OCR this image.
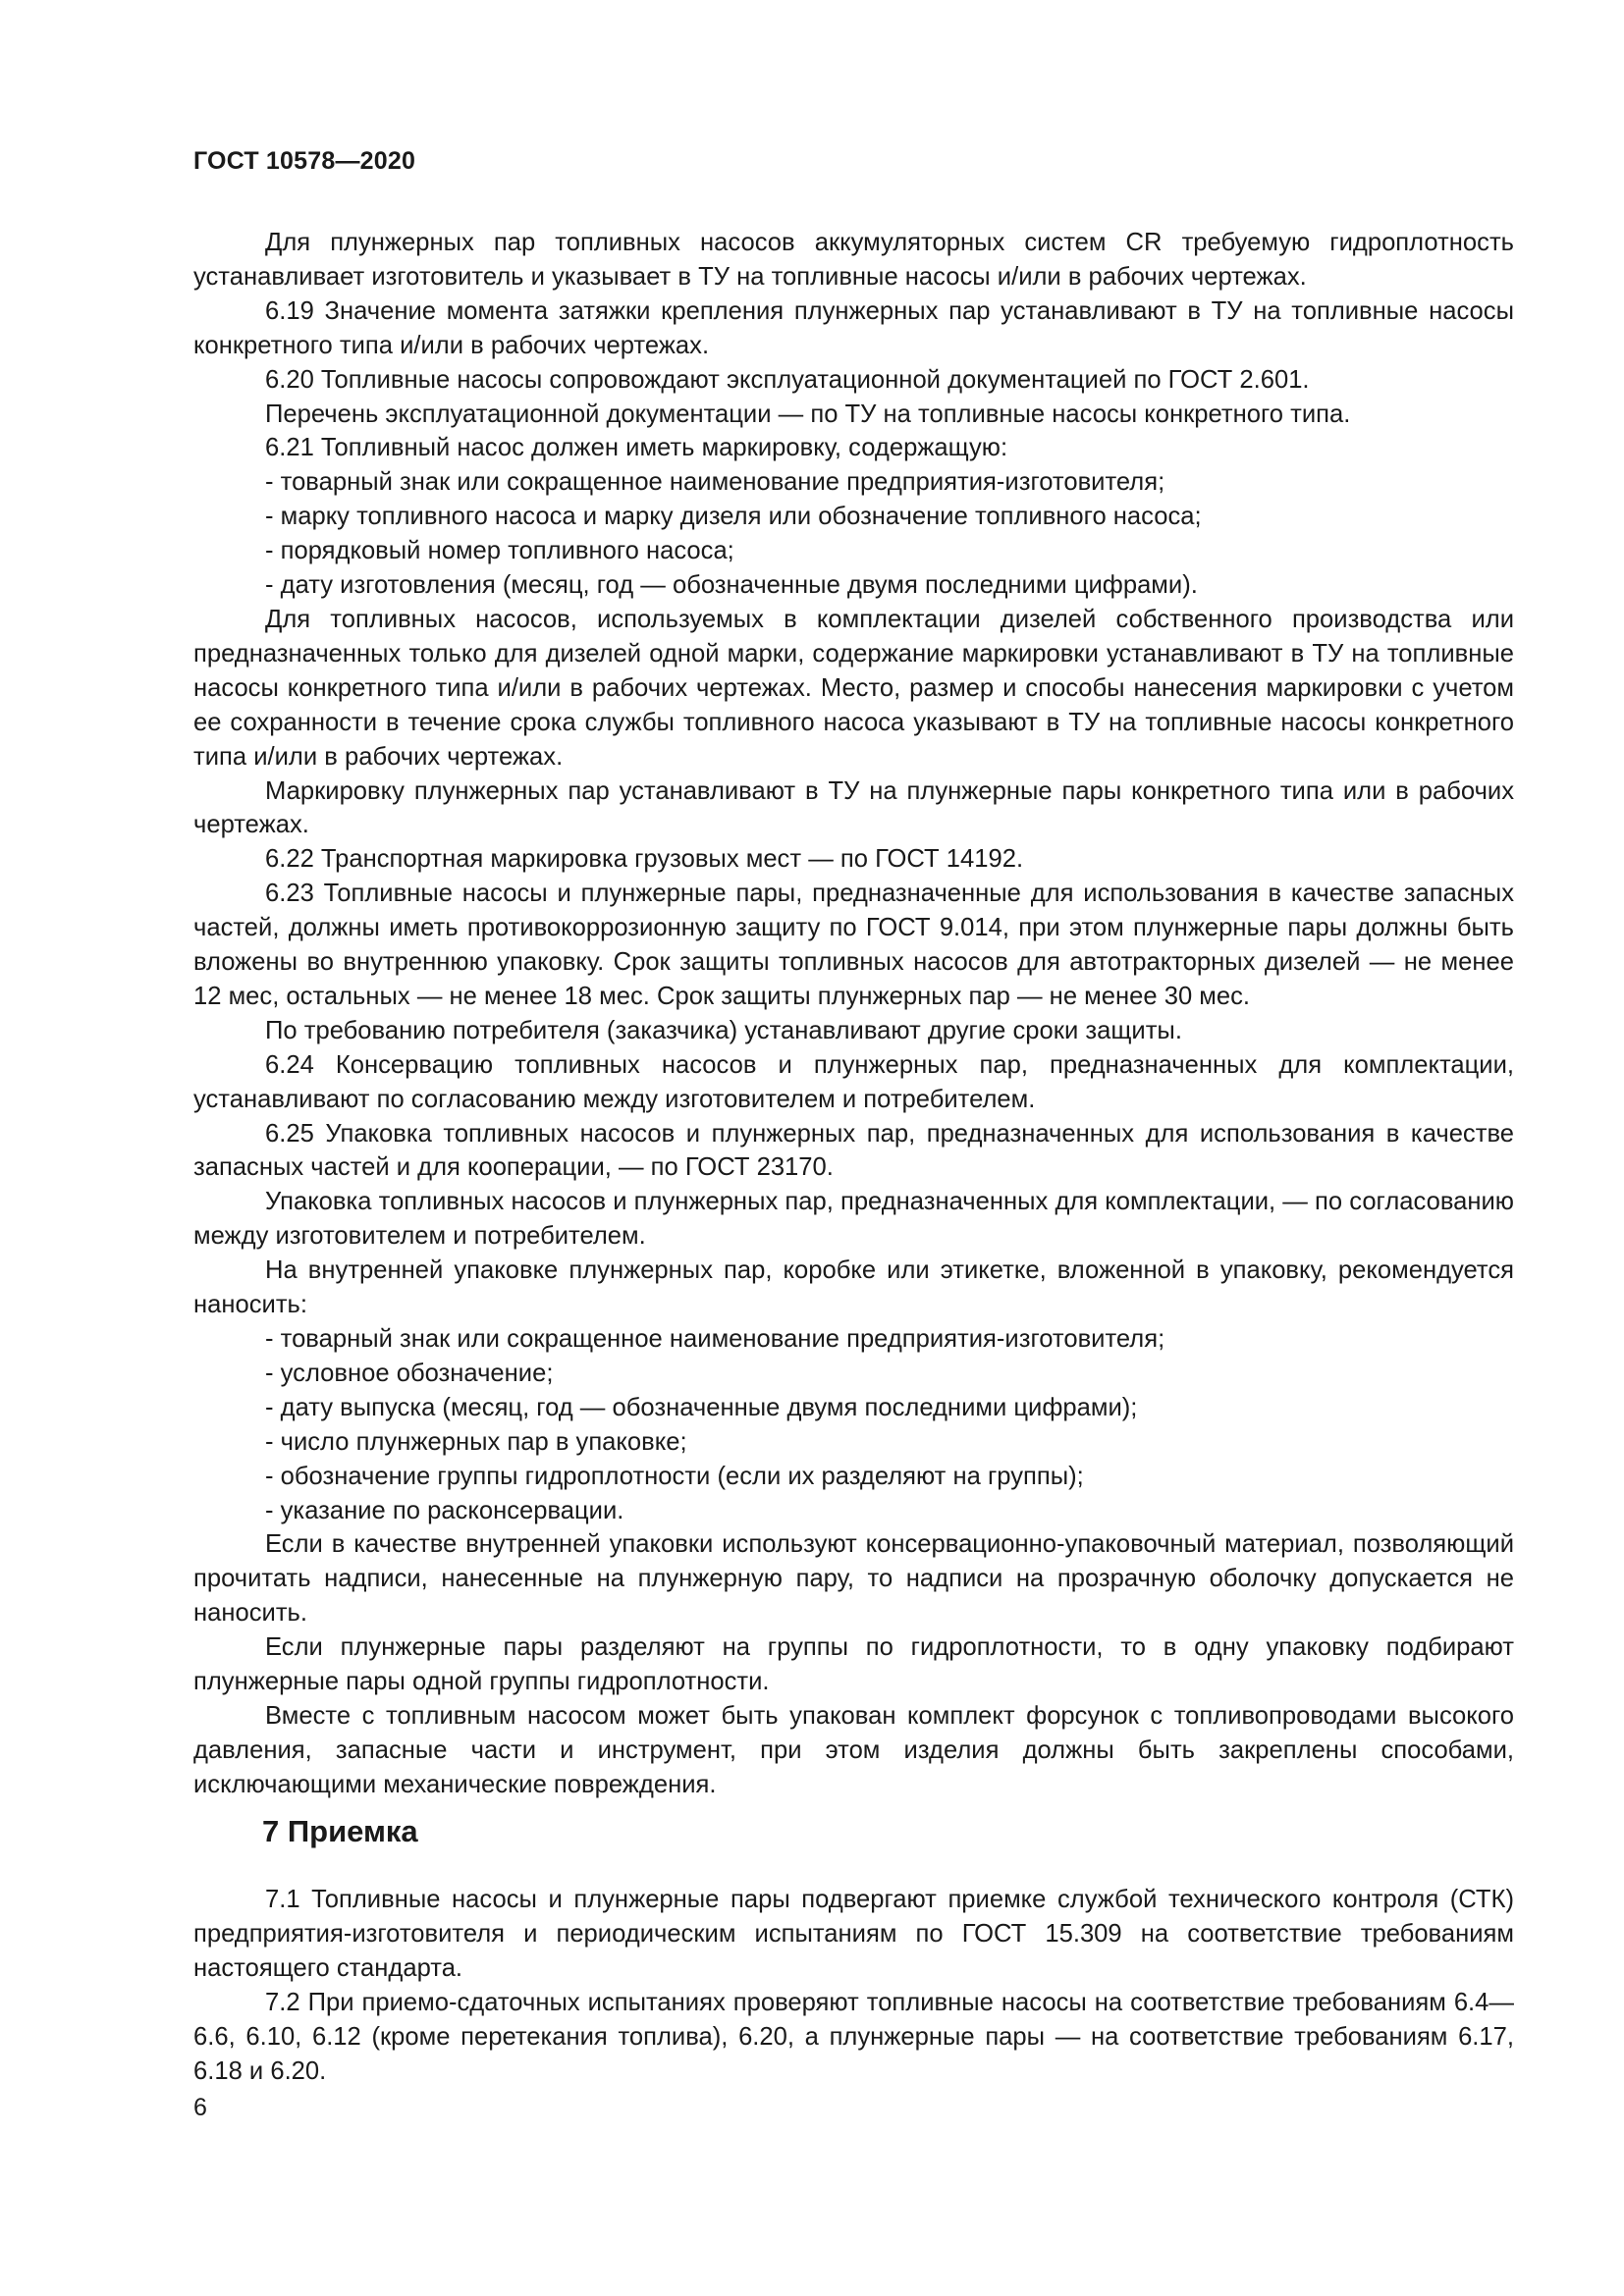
ГОСТ 10578—2020

Для плунжерных пар топливных насосов аккумуляторных систем CR требуемую гидроплотность устанавливает изготовитель и указывает в ТУ на топливные насосы и/или в рабочих чертежах.

6.19 Значение момента затяжки крепления плунжерных пар устанавливают в ТУ на топливные насосы конкретного типа и/или в рабочих чертежах.

6.20 Топливные насосы сопровождают эксплуатационной документацией по ГОСТ 2.601.

Перечень эксплуатационной документации — по ТУ на топливные насосы конкретного типа.

6.21 Топливный насос должен иметь маркировку, содержащую:

- товарный знак или сокращенное наименование предприятия-изготовителя;

- марку топливного насоса и марку дизеля или обозначение топливного насоса;

- порядковый номер топливного насоса;

- дату изготовления (месяц, год — обозначенные двумя последними цифрами).

Для топливных насосов, используемых в комплектации дизелей собственного производства или предназначенных только для дизелей одной марки, содержание маркировки устанавливают в ТУ на топливные насосы конкретного типа и/или в рабочих чертежах. Место, размер и способы нанесения маркировки с учетом ее сохранности в течение срока службы топливного насоса указывают в ТУ на топливные насосы конкретного типа и/или в рабочих чертежах.

Маркировку плунжерных пар устанавливают в ТУ на плунжерные пары конкретного типа или в рабочих чертежах.

6.22 Транспортная маркировка грузовых мест — по ГОСТ 14192.

6.23 Топливные насосы и плунжерные пары, предназначенные для использования в качестве запасных частей, должны иметь противокоррозионную защиту по ГОСТ 9.014, при этом плунжерные пары должны быть вложены во внутреннюю упаковку. Срок защиты топливных насосов для автотракторных дизелей — не менее 12 мес, остальных — не менее 18 мес. Срок защиты плунжерных пар — не менее 30 мес.

По требованию потребителя (заказчика) устанавливают другие сроки защиты.

6.24 Консервацию топливных насосов и плунжерных пар, предназначенных для комплектации, устанавливают по согласованию между изготовителем и потребителем.

6.25 Упаковка топливных насосов и плунжерных пар, предназначенных для использования в качестве запасных частей и для кооперации, — по ГОСТ 23170.

Упаковка топливных насосов и плунжерных пар, предназначенных для комплектации, — по согласованию между изготовителем и потребителем.

На внутренней упаковке плунжерных пар, коробке или этикетке, вложенной в упаковку, рекомендуется наносить:

- товарный знак или сокращенное наименование предприятия-изготовителя;

- условное обозначение;

- дату выпуска (месяц, год — обозначенные двумя последними цифрами);

- число плунжерных пар в упаковке;

- обозначение группы гидроплотности (если их разделяют на группы);

- указание по расконсервации.

Если в качестве внутренней упаковки используют консервационно-упаковочный материал, позволяющий прочитать надписи, нанесенные на плунжерную пару, то надписи на прозрачную оболочку допускается не наносить.

Если плунжерные пары разделяют на группы по гидроплотности, то в одну упаковку подбирают плунжерные пары одной группы гидроплотности.

Вместе с топливным насосом может быть упакован комплект форсунок с топливопроводами высокого давления, запасные части и инструмент, при этом изделия должны быть закреплены способами, исключающими механические повреждения.

7 Приемка

7.1 Топливные насосы и плунжерные пары подвергают приемке службой технического контроля (СТК) предприятия-изготовителя и периодическим испытаниям по ГОСТ 15.309 на соответствие требованиям настоящего стандарта.

7.2 При приемо-сдаточных испытаниях проверяют топливные насосы на соответствие требованиям 6.4—6.6, 6.10, 6.12 (кроме перетекания топлива), 6.20, а плунжерные пары — на соответствие требованиям 6.17, 6.18 и 6.20.

6
